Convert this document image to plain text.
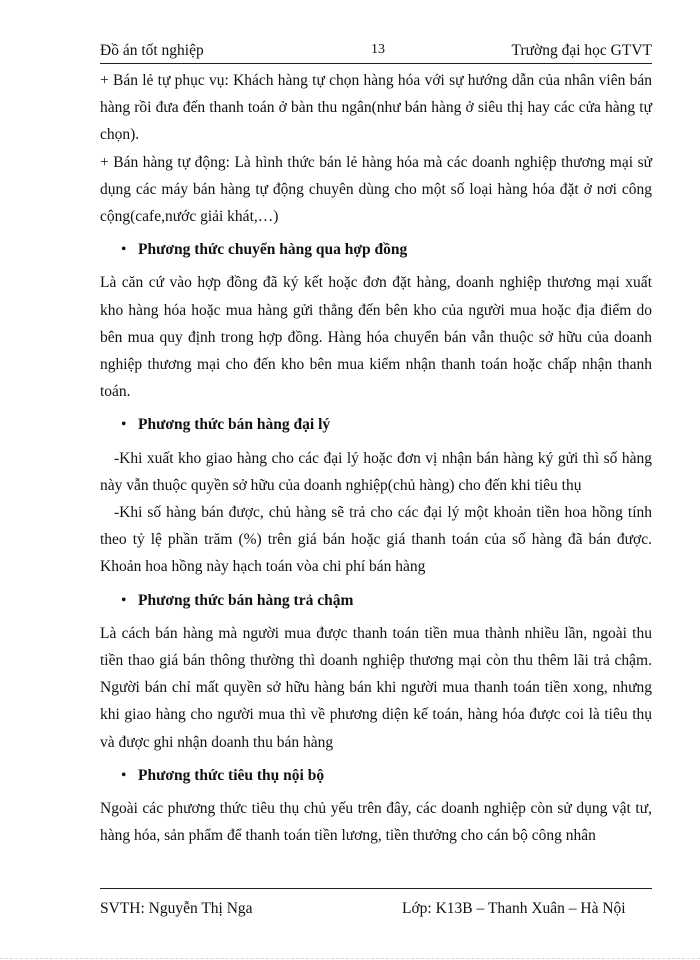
Đồ án tốt nghiệp	13	Trường đại học GTVT

+ Bán lẻ tự phục vụ: Khách hàng tự chọn hàng hóa với sự hướng dẫn của nhân viên bán hàng rồi đưa đến thanh toán ở bàn thu ngân(như bán hàng ở siêu thị hay các cửa hàng tự chọn).

+ Bán hàng tự động: Là hình thức bán lẻ hàng hóa mà các doanh nghiệp thương mại sử dụng các máy bán hàng tự động chuyên dùng cho một số loại hàng hóa đặt ở nơi công cộng(cafe,nước giải khát,…)

• Phương thức chuyển hàng qua hợp đồng

Là căn cứ vào hợp đồng đã ký kết hoặc đơn đặt hàng, doanh nghiệp thương mại xuất kho hàng hóa hoặc mua hàng gửi thẳng đến bên kho của người mua hoặc địa điểm do bên mua quy định trong hợp đồng. Hàng hóa chuyển bán vẫn thuộc sở hữu của doanh nghiệp thương mại cho đến kho bên mua kiểm nhận thanh toán hoặc chấp nhận thanh toán.

• Phương thức bán hàng đại lý

-Khi xuất kho giao hàng cho các đại lý hoặc đơn vị nhận bán hàng ký gửi thì số hàng này vẫn thuộc quyền sở hữu của doanh nghiệp(chủ hàng) cho đến khi tiêu thụ

-Khi số hàng bán được, chủ hàng sẽ trả cho các đại lý một khoản tiền hoa hồng tính theo tỷ lệ phần trăm (%) trên giá bán hoặc giá thanh toán của số hàng đã bán được. Khoản hoa hồng này hạch toán vòa chi phí bán hàng

• Phương thức bán hàng trả chậm

Là cách bán hàng mà người mua được thanh toán tiền mua thành nhiều lần, ngoài thu tiền thao giá bán thông thường thì doanh nghiệp thương mại còn thu thêm lãi trả chậm. Người bán chỉ mất quyền sở hữu hàng bán khi người mua thanh toán tiền xong, nhưng khi giao hàng cho người mua thì về phương diện kế toán, hàng hóa được coi là tiêu thụ và được ghi nhận doanh thu bán hàng

• Phương thức tiêu thụ nội bộ

Ngoài các phương thức tiêu thụ chủ yếu trên đây, các doanh nghiệp còn sử dụng vật tư, hàng hóa, sản phẩm để thanh toán tiền lương, tiền thưởng cho cán bộ công nhân

SVTH: Nguyễn Thị Nga	Lớp: K13B – Thanh Xuân – Hà Nội
